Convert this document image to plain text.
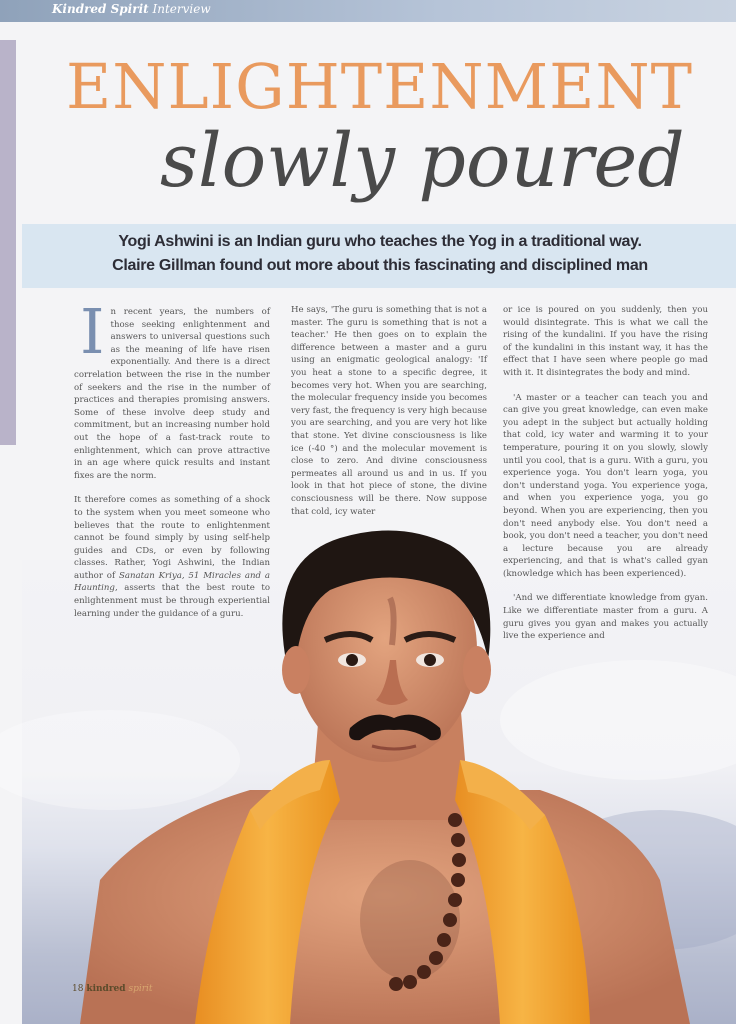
Kindred Spirit Interview
ENLIGHTENMENT
slowly poured
Yogi Ashwini is an Indian guru who teaches the Yog in a traditional way.
Claire Gillman found out more about this fascinating and disciplined man

In recent years, the numbers of those seeking enlightenment and answers to universal questions such as the meaning of life have risen exponentially. And there is a direct correlation between the rise in the number of seekers and the rise in the number of practices and therapies promising answers. Some of these involve deep study and commitment, but an increasing number hold out the hope of a fast-track route to enlightenment, which can prove attractive in an age where quick results and instant fixes are the norm.

It therefore comes as something of a shock to the system when you meet someone who believes that the route to enlightenment cannot be found simply by using self-help guides and CDs, or even by following classes. Rather, Yogi Ashwini, the Indian author of Sanatan Kriya, 51 Miracles and a Haunting, asserts that the best route to enlightenment must be through experiential learning under the guidance of a guru.

He says, 'The guru is something that is not a master. The guru is something that is not a teacher.' He then goes on to explain the difference between a master and a guru using an enigmatic geological analogy: 'If you heat a stone to a specific degree, it becomes very hot. When you are searching, the molecular frequency inside you becomes very fast, the frequency is very high because you are searching, and you are very hot like that stone. Yet divine consciousness is like ice (-40 °) and the molecular movement is close to zero. And divine consciousness permeates all around us and in us. If you look in that hot piece of stone, the divine consciousness will be there. Now suppose that cold, icy water

or ice is poured on you suddenly, then you would disintegrate. This is what we call the rising of the kundalini. If you have the rising of the kundalini in this instant way, it has the effect that I have seen where people go mad with it. It disintegrates the body and mind.

'A master or a teacher can teach you and can give you great knowledge, can even make you adept in the subject but actually holding that cold, icy water and warming it to your temperature, pouring it on you slowly, slowly until you cool, that is a guru. With a guru, you experience yoga. You don't learn yoga, you don't understand yoga. You experience yoga, and when you experience yoga, you go beyond. When you are experiencing, then you don't need anybody else. You don't need a book, you don't need a teacher, you don't need a lecture because you are already experiencing, and that is what's called gyan (knowledge which has been experienced).

'And we differentiate knowledge from gyan. Like we differentiate master from a guru. A guru gives you gyan and makes you actually live the experience and

18 kindred spirit
